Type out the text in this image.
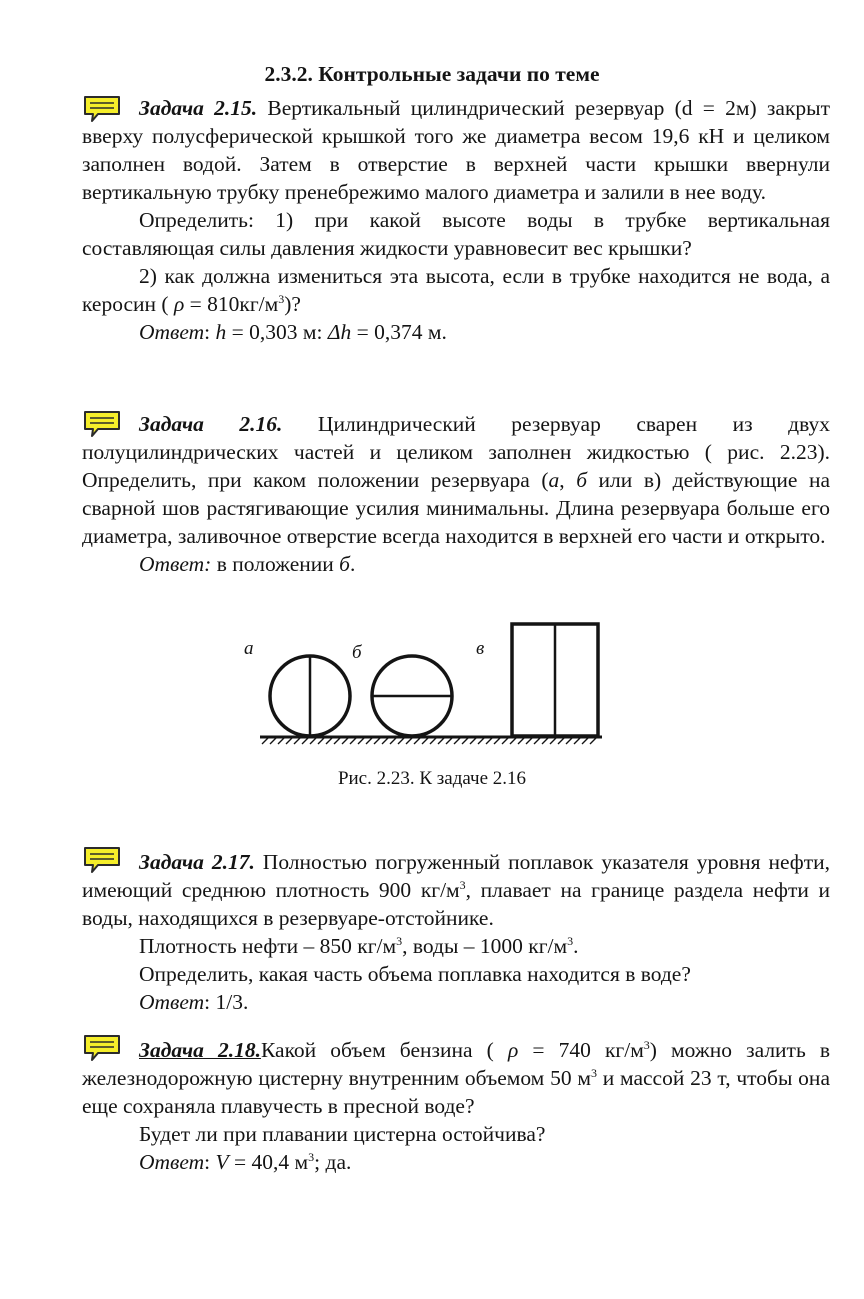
2.3.2. Контрольные задачи по теме

Задача 2.15. Вертикальный цилиндрический резервуар (d = 2м) закрыт вверху полусферической крышкой того же диаметра весом 19,6 кН и целиком заполнен водой. Затем в отверстие в верхней части крышки ввернули вертикальную трубку пренебрежимо малого диаметра и залили в нее воду.

Определить: 1) при какой высоте воды в трубке вертикальная составляющая силы давления жидкости уравновесит вес крышки?

2) как должна измениться эта высота, если в трубке находится не вода, а керосин ( $\rho = 810кг/м^3$)?

Ответ: h = 0,303 м: Δh = 0,374 м.

Задача 2.16. Цилиндрический резервуар сварен из двух полуцилиндрических частей и целиком заполнен жидкостью ( рис. 2.23). Определить, при каком положении резервуара (а, б или в) действующие на сварной шов растягивающие усилия минимальны. Длина резервуара больше его диаметра, заливочное отверстие всегда находится в верхней его части и открыто.

Ответ: в положении б.

а	б	в
Рис. 2.23. К задаче 2.16

Задача 2.17. Полностью погруженный поплавок указателя уровня нефти, имеющий среднюю плотность 900 $кг/м^3$, плавает на границе раздела нефти и воды, находящихся в резервуаре-отстойнике.

Плотность нефти – 850 $кг/м^3$, воды – 1000 $кг/м^3$.

Определить, какая часть объема поплавка находится в воде?

Ответ: 1/3.

Задача 2.18.Какой объем бензина ( ρ = 740 $кг/м^3$) можно залить в железнодорожную цистерну внутренним объемом 50 $м^3$ и массой 23 т, чтобы она еще сохраняла плавучесть в пресной воде?

Будет ли при плавании цистерна остойчива?

Ответ: V = 40,4 $м^3$; да.
